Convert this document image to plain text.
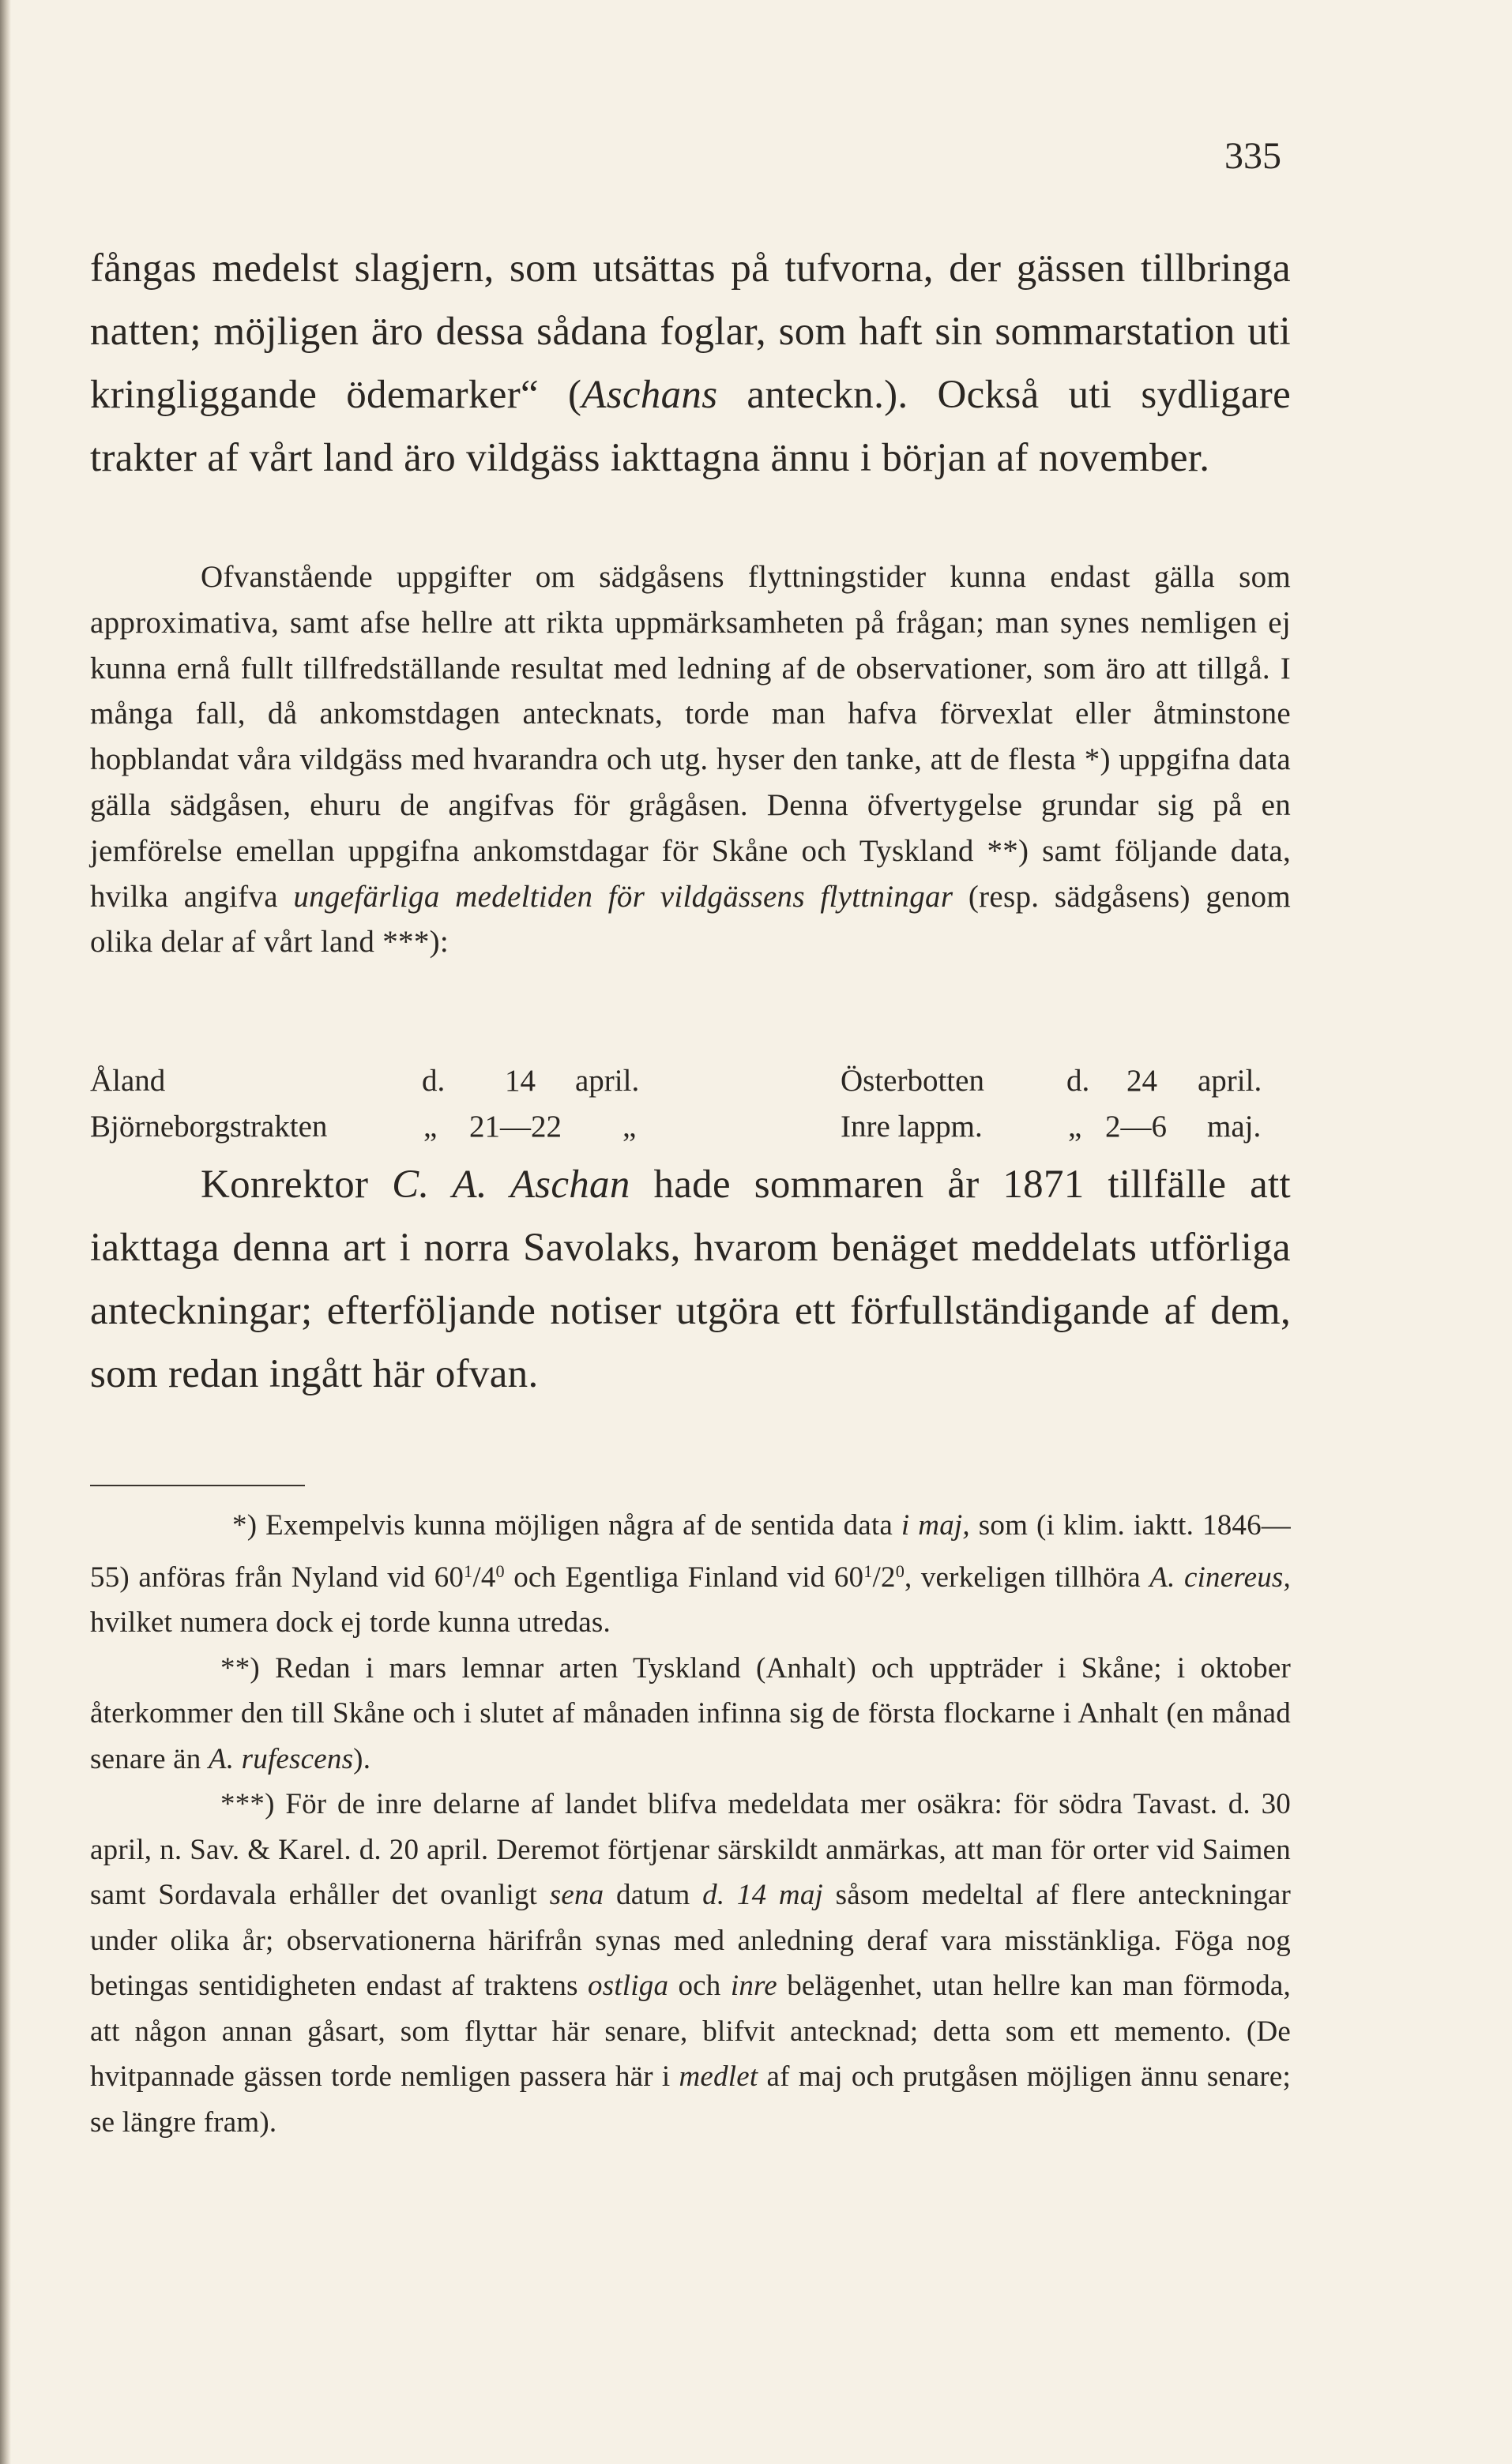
335

fångas medelst slagjern, som utsättas på tufvorna, der gässen tillbringa natten; möjligen äro dessa sådana foglar, som haft sin sommarstation uti kringliggande ödemarker“ (Aschans anteckn.). Också uti sydligare trakter af vårt land äro vildgäss iakttagna ännu i början af november.

Ofvanstående uppgifter om sädgåsens flyttningstider kunna endast gälla som approximativa, samt afse hellre att rikta uppmärksamheten på frågan; man synes nemligen ej kunna ernå fullt tillfredställande resultat med ledning af de observationer, som äro att tillgå. I många fall, då ankomstdagen antecknats, torde man hafva förvexlat eller åtminstone hopblandat våra vildgäss med hvarandra och utg. hyser den tanke, att de flesta *) uppgifna data gälla sädgåsen, ehuru de angifvas för grågåsen. Denna öfvertygelse grundar sig på en jemförelse emellan uppgifna ankomstdagar för Skåne och Tyskland **) samt följande data, hvilka angifva ungefärliga medeltiden för vildgässens flyttningar (resp. sädgåsens) genom olika delar af vårt land ***):

Åland	d. 14 april.	Österbotten	d. 24 april.
Björneborgstrakten	„ 21—22 „	Inre lappm.	„ 2—6 maj.

Konrektor C. A. Aschan hade sommaren år 1871 tillfälle att iakttaga denna art i norra Savolaks, hvarom benäget meddelats utförliga anteckningar; efterföljande notiser utgöra ett förfullständigande af dem, som redan ingått här ofvan.

*) Exempelvis kunna möjligen några af de sentida data i maj, som (i klim. iaktt. 1846—55) anföras från Nyland vid $60^1/4^0$ och Egentliga Finland vid $60^1/2^0$, verkeligen tillhöra A. cinereus, hvilket numera dock ej torde kunna utredas.

**) Redan i mars lemnar arten Tyskland (Anhalt) och uppträder i Skåne; i oktober återkommer den till Skåne och i slutet af månaden infinna sig de första flockarne i Anhalt (en månad senare än A. rufescens).

***) För de inre delarne af landet blifva medeldata mer osäkra: för södra Tavast. d. 30 april, n. Sav. & Karel. d. 20 april. Deremot förtjenar särskildt anmärkas, att man för orter vid Saimen samt Sordavala erhåller det ovanligt sena datum d. 14 maj såsom medeltal af flere anteckningar under olika år; observationerna härifrån synas med anledning deraf vara misstänkliga. Föga nog betingas sentidigheten endast af traktens ostliga och inre belägenhet, utan hellre kan man förmoda, att någon annan gåsart, som flyttar här senare, blifvit antecknad; detta som ett memento. (De hvitpannade gässen torde nemligen passera här i medlet af maj och prutgåsen möjligen ännu senare; se längre fram).
